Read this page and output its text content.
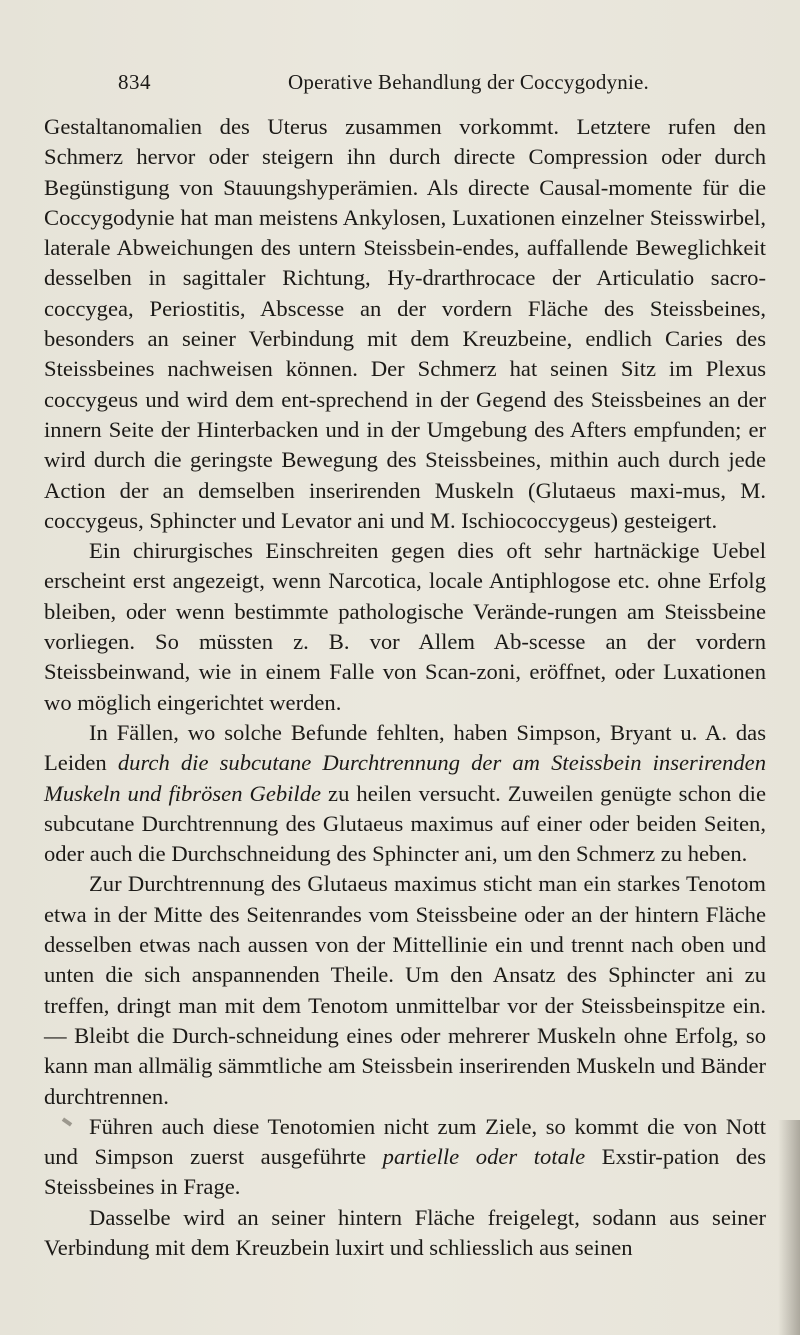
834	Operative Behandlung der Coccygodynie.

Gestaltanomalien des Uterus zusammen vorkommt. Letztere rufen den Schmerz hervor oder steigern ihn durch directe Compression oder durch Begünstigung von Stauungshyperämien. Als directe Causal-momente für die Coccygodynie hat man meistens Ankylosen, Luxationen einzelner Steisswirbel, laterale Abweichungen des untern Steissbein-endes, auffallende Beweglichkeit desselben in sagittaler Richtung, Hy-drarthrocace der Articulatio sacro-coccygea, Periostitis, Abscesse an der vordern Fläche des Steissbeines, besonders an seiner Verbindung mit dem Kreuzbeine, endlich Caries des Steissbeines nachweisen können. Der Schmerz hat seinen Sitz im Plexus coccygeus und wird dem ent-sprechend in der Gegend des Steissbeines an der innern Seite der Hinterbacken und in der Umgebung des Afters empfunden; er wird durch die geringste Bewegung des Steissbeines, mithin auch durch jede Action der an demselben inserirenden Muskeln (Glutaeus maxi-mus, M. coccygeus, Sphincter und Levator ani und M. Ischiococcygeus) gesteigert.

Ein chirurgisches Einschreiten gegen dies oft sehr hartnäckige Uebel erscheint erst angezeigt, wenn Narcotica, locale Antiphlogose etc. ohne Erfolg bleiben, oder wenn bestimmte pathologische Verände-rungen am Steissbeine vorliegen. So müssten z. B. vor Allem Ab-scesse an der vordern Steissbeinwand, wie in einem Falle von Scan-zoni, eröffnet, oder Luxationen wo möglich eingerichtet werden.

In Fällen, wo solche Befunde fehlten, haben Simpson, Bryant u. A. das Leiden durch die subcutane Durchtrennung der am Steissbein inserirenden Muskeln und fibrösen Gebilde zu heilen versucht. Zuweilen genügte schon die subcutane Durchtrennung des Glutaeus maximus auf einer oder beiden Seiten, oder auch die Durchschneidung des Sphincter ani, um den Schmerz zu heben.

Zur Durchtrennung des Glutaeus maximus sticht man ein starkes Tenotom etwa in der Mitte des Seitenrandes vom Steissbeine oder an der hintern Fläche desselben etwas nach aussen von der Mittellinie ein und trennt nach oben und unten die sich anspannenden Theile. Um den Ansatz des Sphincter ani zu treffen, dringt man mit dem Tenotom unmittelbar vor der Steissbeinspitze ein. — Bleibt die Durch-schneidung eines oder mehrerer Muskeln ohne Erfolg, so kann man allmälig sämmtliche am Steissbein inserirenden Muskeln und Bänder durchtrennen.

Führen auch diese Tenotomien nicht zum Ziele, so kommt die von Nott und Simpson zuerst ausgeführte partielle oder totale Exstir-pation des Steissbeines in Frage.

Dasselbe wird an seiner hintern Fläche freigelegt, sodann aus seiner Verbindung mit dem Kreuzbein luxirt und schliesslich aus seinen
